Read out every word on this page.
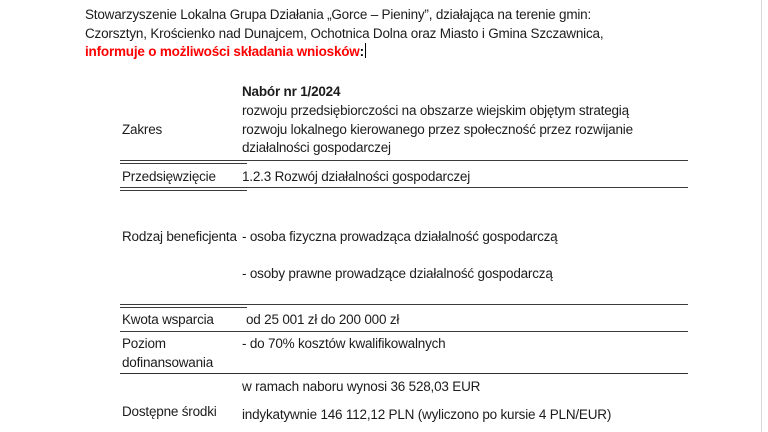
Stowarzyszenie Lokalna Grupa Działania „Gorce – Pieniny”, działająca na terenie gmin:
Czorsztyn, Krościenko nad Dunajcem, Ochotnica Dolna oraz Miasto i Gmina Szczawnica,
informuje o możliwości składania wniosków:
Nabór nr 1/2024
Zakres
rozwoju przedsiębiorczości na obszarze wiejskim objętym strategią
rozwoju lokalnego kierowanego przez społeczność przez rozwijanie
działalności gospodarczej
Przedsięwzięcie 1.2.3 Rozwój działalności gospodarczej
Rodzaj beneficjenta - osoba fizyczna prowadząca działalność gospodarczą
- osoby prawne prowadzące działalność gospodarczą
Kwota wsparcia od 25 001 zł do 200 000 zł
Poziom dofinansowania
- do 70% kosztów kwalifikowalnych
w ramach naboru wynosi 36 528,03 EUR
Dostępne środki indykatywnie 146 112,12 PLN (wyliczono po kursie 4 PLN/EUR)
